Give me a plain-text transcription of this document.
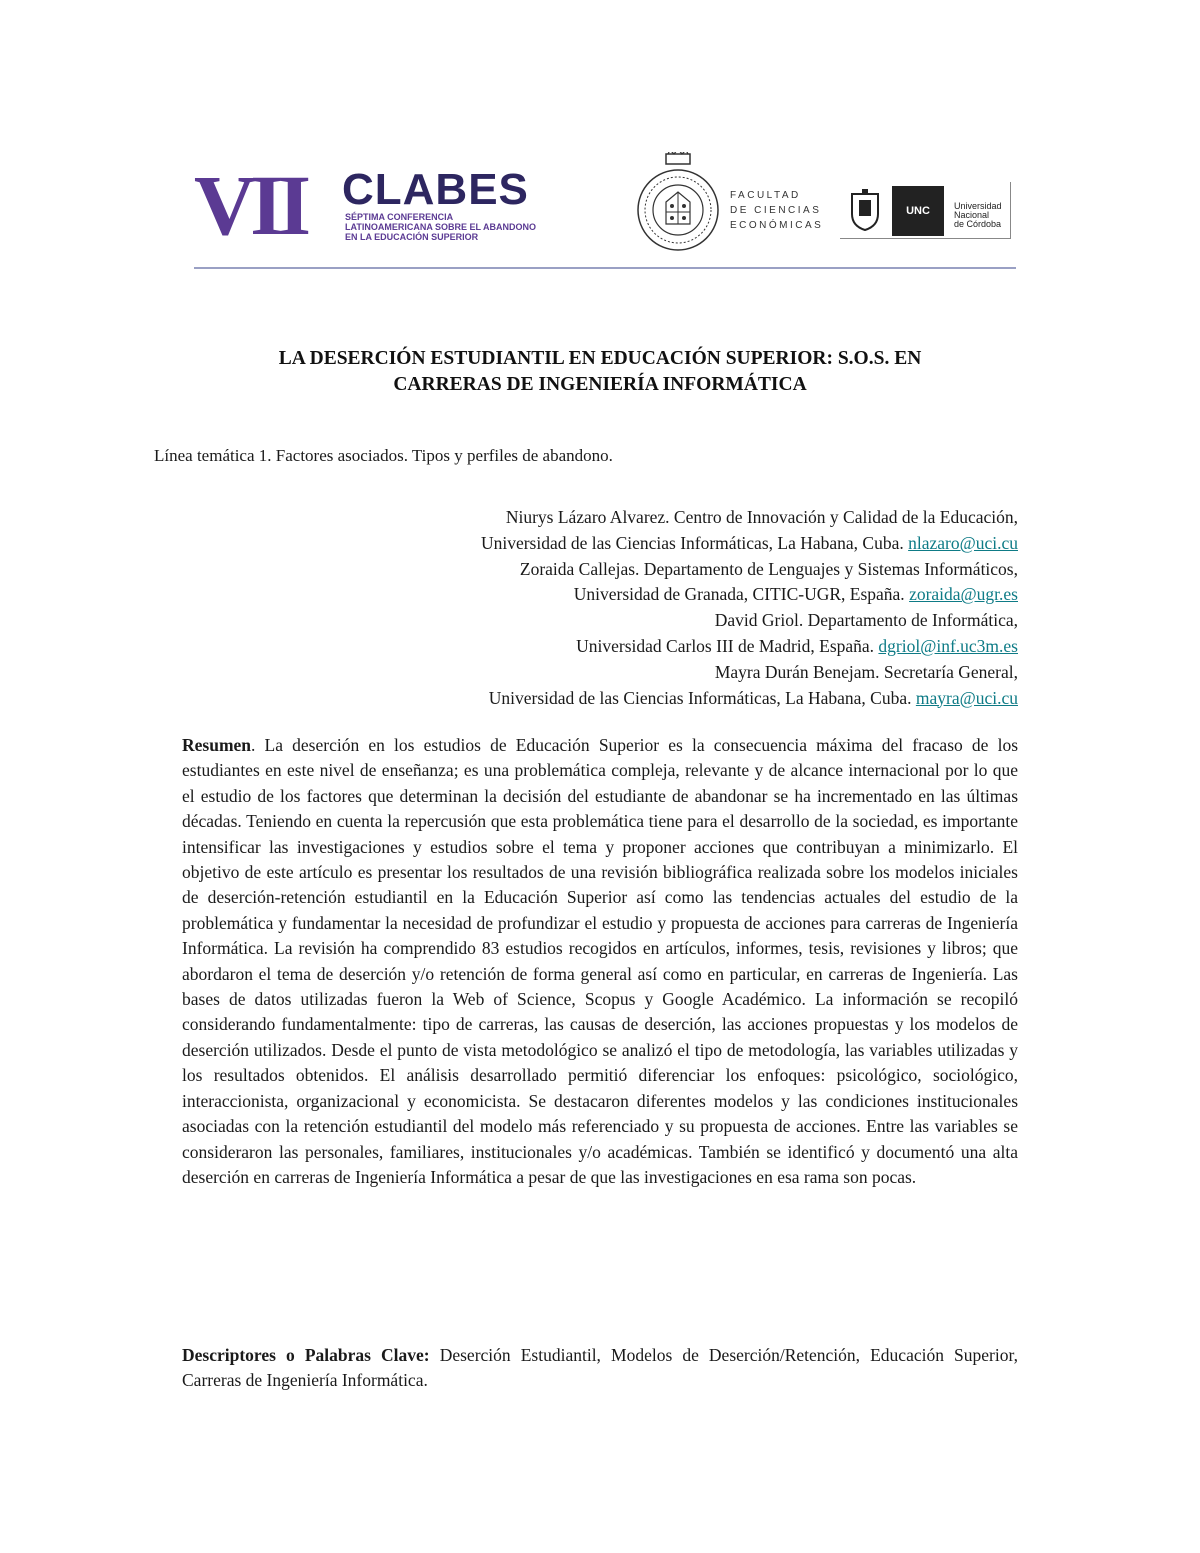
VII CLABES
SÉPTIMA CONFERENCIA
LATINOAMERICANA SOBRE EL ABANDONO
EN LA EDUCACIÓN SUPERIOR
FACULTAD
DE CIENCIAS
ECONÓMICAS
UNC	Universidad
Nacional
de Córdoba
LA DESERCIÓN ESTUDIANTIL EN EDUCACIÓN SUPERIOR: S.O.S. EN
CARRERAS DE INGENIERÍA INFORMÁTICA
Línea temática 1. Factores asociados. Tipos y perfiles de abandono.
Niurys Lázaro Alvarez. Centro de Innovación y Calidad de la Educación,
Universidad de las Ciencias Informáticas, La Habana, Cuba. nlazaro@uci.cu
Zoraida Callejas. Departamento de Lenguajes y Sistemas Informáticos,
Universidad de Granada, CITIC-UGR, España. zoraida@ugr.es
David Griol. Departamento de Informática,
Universidad Carlos III de Madrid, España. dgriol@inf.uc3m.es
Mayra Durán Benejam. Secretaría General,
Universidad de las Ciencias Informáticas, La Habana, Cuba. mayra@uci.cu
Resumen. La deserción en los estudios de Educación Superior es la consecuencia máxima del fracaso de los estudiantes en este nivel de enseñanza; es una problemática compleja, relevante y de alcance internacional por lo que el estudio de los factores que determinan la decisión del estudiante de abandonar se ha incrementado en las últimas décadas. Teniendo en cuenta la repercusión que esta problemática tiene para el desarrollo de la sociedad, es importante intensificar las investigaciones y estudios sobre el tema y proponer acciones que contribuyan a minimizarlo. El objetivo de este artículo es presentar los resultados de una revisión bibliográfica realizada sobre los modelos iniciales de deserción-retención estudiantil en la Educación Superior así como las tendencias actuales del estudio de la problemática y fundamentar la necesidad de profundizar el estudio y propuesta de acciones para carreras de Ingeniería Informática. La revisión ha comprendido 83 estudios recogidos en artículos, informes, tesis, revisiones y libros; que abordaron el tema de deserción y/o retención de forma general así como en particular, en carreras de Ingeniería. Las bases de datos utilizadas fueron la Web of Science, Scopus y Google Académico. La información se recopiló considerando fundamentalmente: tipo de carreras, las causas de deserción, las acciones propuestas y los modelos de deserción utilizados. Desde el punto de vista metodológico se analizó el tipo de metodología, las variables utilizadas y los resultados obtenidos. El análisis desarrollado permitió diferenciar los enfoques: psicológico, sociológico, interaccionista, organizacional y economicista. Se destacaron diferentes modelos y las condiciones institucionales asociadas con la retención estudiantil del modelo más referenciado y su propuesta de acciones. Entre las variables se consideraron las personales, familiares, institucionales y/o académicas. También se identificó y documentó una alta deserción en carreras de Ingeniería Informática a pesar de que las investigaciones en esa rama son pocas.
Descriptores o Palabras Clave: Deserción Estudiantil, Modelos de Deserción/Retención, Educación Superior, Carreras de Ingeniería Informática.
